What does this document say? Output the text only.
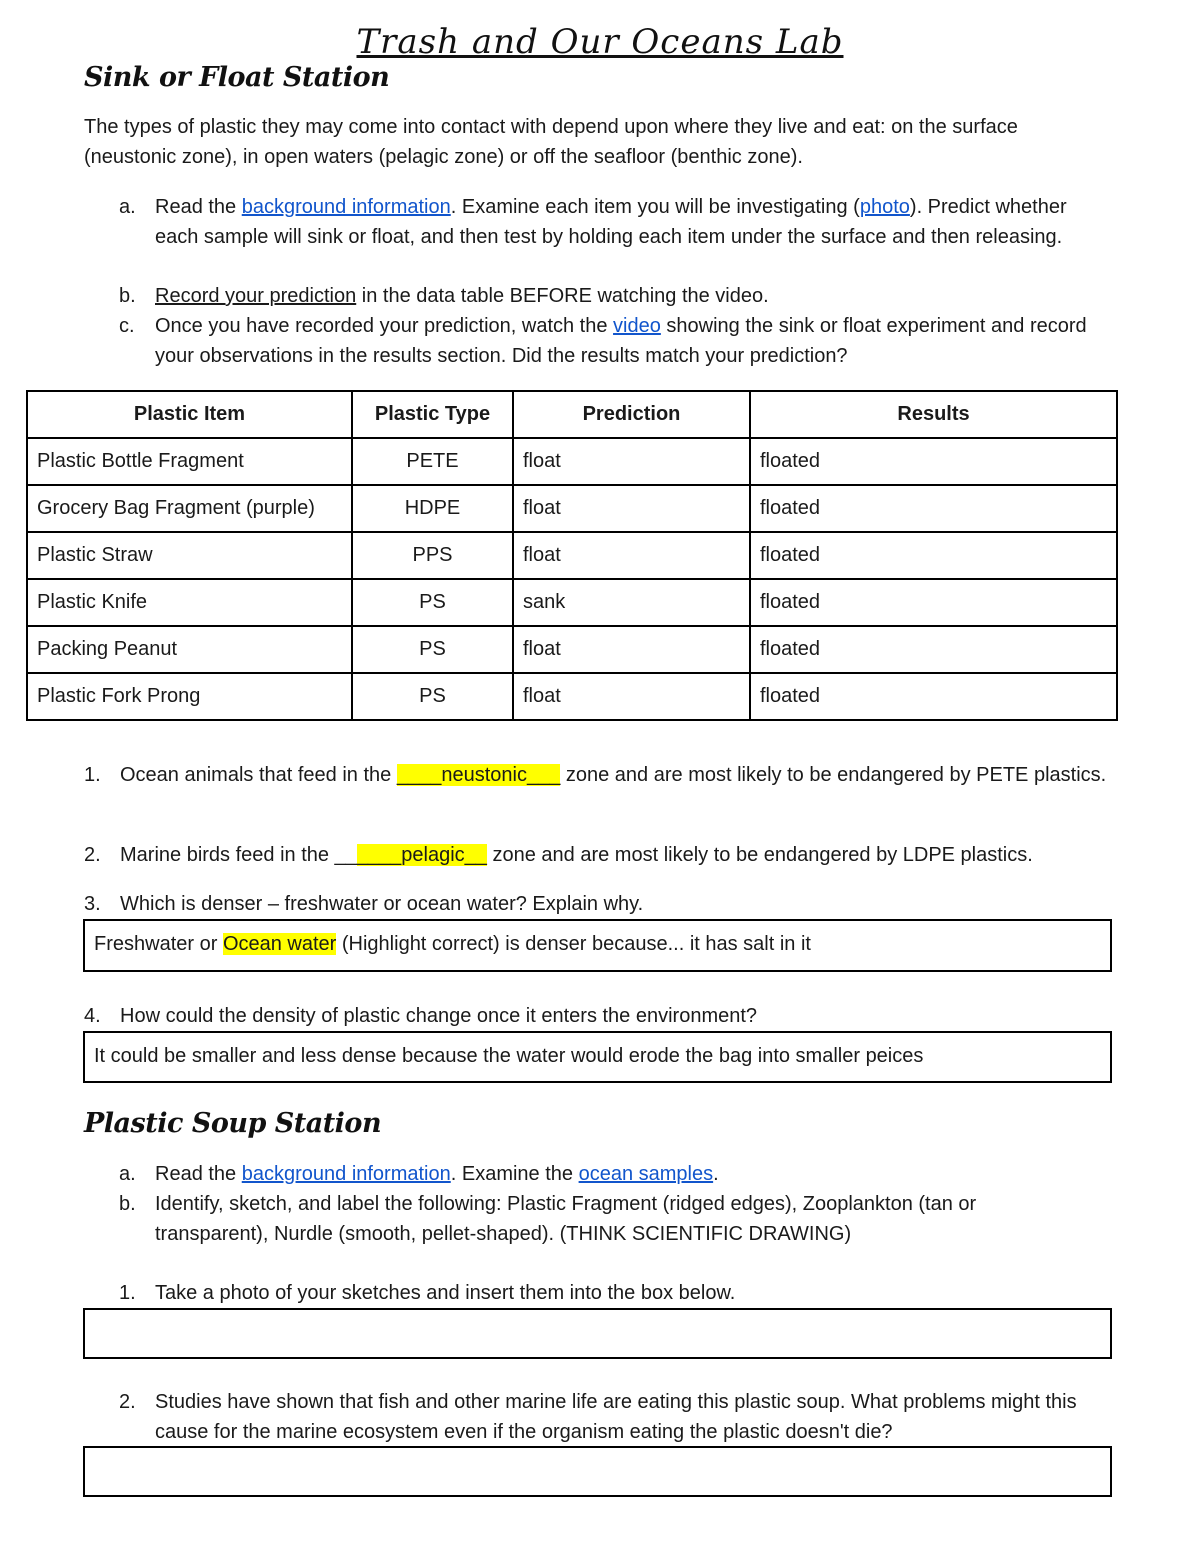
Trash and Our Oceans Lab
Sink or Float Station
The types of plastic they may come into contact with depend upon where they live and eat: on the surface (neustonic zone), in open waters (pelagic zone) or off the seafloor (benthic zone).
a. Read the background information. Examine each item you will be investigating (photo). Predict whether each sample will sink or float, and then test by holding each item under the surface and then releasing.
b. Record your prediction in the data table BEFORE watching the video.
c. Once you have recorded your prediction, watch the video showing the sink or float experiment and record your observations in the results section. Did the results match your prediction?
Plastic Item	Plastic Type	Prediction	Results
Plastic Bottle Fragment	PETE	float	floated
Grocery Bag Fragment (purple)	HDPE	float	floated
Plastic Straw	PPS	float	floated
Plastic Knife	PS	sank	floated
Packing Peanut	PS	float	floated
Plastic Fork Prong	PS	float	floated
1. Ocean animals that feed in the ____neustonic___ zone and are most likely to be endangered by PETE plastics.
2. Marine birds feed in the ______pelagic__ zone and are most likely to be endangered by LDPE plastics.
3. Which is denser – freshwater or ocean water? Explain why.
Freshwater or Ocean water (Highlight correct) is denser because... it has salt in it
4. How could the density of plastic change once it enters the environment?
It could be smaller and less dense because the water would erode the bag into smaller peices
Plastic Soup Station
a. Read the background information. Examine the ocean samples.
b. Identify, sketch, and label the following: Plastic Fragment (ridged edges), Zooplankton (tan or transparent), Nurdle (smooth, pellet-shaped). (THINK SCIENTIFIC DRAWING)
1. Take a photo of your sketches and insert them into the box below.
2. Studies have shown that fish and other marine life are eating this plastic soup. What problems might this cause for the marine ecosystem even if the organism eating the plastic doesn't die?
